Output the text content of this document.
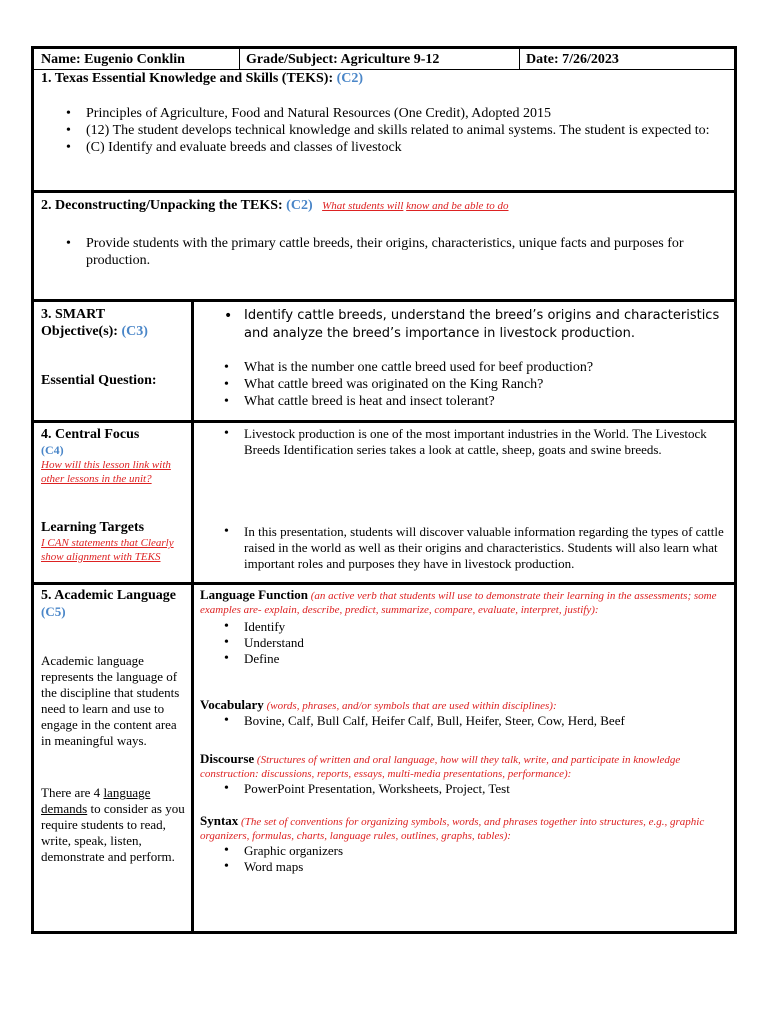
Name: Eugenio Conklin	Grade/Subject: Agriculture 9-12	Date: 7/26/2023
1. Texas Essential Knowledge and Skills (TEKS): (C2)
• Principles of Agriculture, Food and Natural Resources (One Credit), Adopted 2015
• (12) The student develops technical knowledge and skills related to animal systems. The student is expected to:
• (C) Identify and evaluate breeds and classes of livestock
2. Deconstructing/Unpacking the TEKS: (C2) What students will know and be able to do
• Provide students with the primary cattle breeds, their origins, characteristics, unique facts and purposes for production.
3. SMART
Objective(s): (C3)
Essential Question:
• Identify cattle breeds, understand the breed’s origins and characteristics and analyze the breed’s importance in livestock production.
• What is the number one cattle breed used for beef production?
• What cattle breed was originated on the King Ranch?
• What cattle breed is heat and insect tolerant?
4. Central Focus
(C4)
How will this lesson link with other lessons in the unit?
Learning Targets
I CAN statements that Clearly show alignment with TEKS
• Livestock production is one of the most important industries in the World. The Livestock Breeds Identification series takes a look at cattle, sheep, goats and swine breeds.
• In this presentation, students will discover valuable information regarding the types of cattle raised in the world as well as their origins and characteristics. Students will also learn what important roles and purposes they have in livestock production.
5. Academic Language
(C5)
Academic language represents the language of the discipline that students need to learn and use to engage in the content area in meaningful ways.
There are 4 language demands to consider as you require students to read, write, speak, listen, demonstrate and perform.
Language Function (an active verb that students will use to demonstrate their learning in the assessments; some examples are- explain, describe, predict, summarize, compare, evaluate, interpret, justify):
• Identify
• Understand
• Define
Vocabulary (words, phrases, and/or symbols that are used within disciplines):
• Bovine, Calf, Bull Calf, Heifer Calf, Bull, Heifer, Steer, Cow, Herd, Beef
Discourse (Structures of written and oral language, how will they talk, write, and participate in knowledge construction: discussions, reports, essays, multi-media presentations, performance):
• PowerPoint Presentation, Worksheets, Project, Test
Syntax (The set of conventions for organizing symbols, words, and phrases together into structures, e.g., graphic organizers, formulas, charts, language rules, outlines, graphs, tables):
• Graphic organizers
• Word maps
